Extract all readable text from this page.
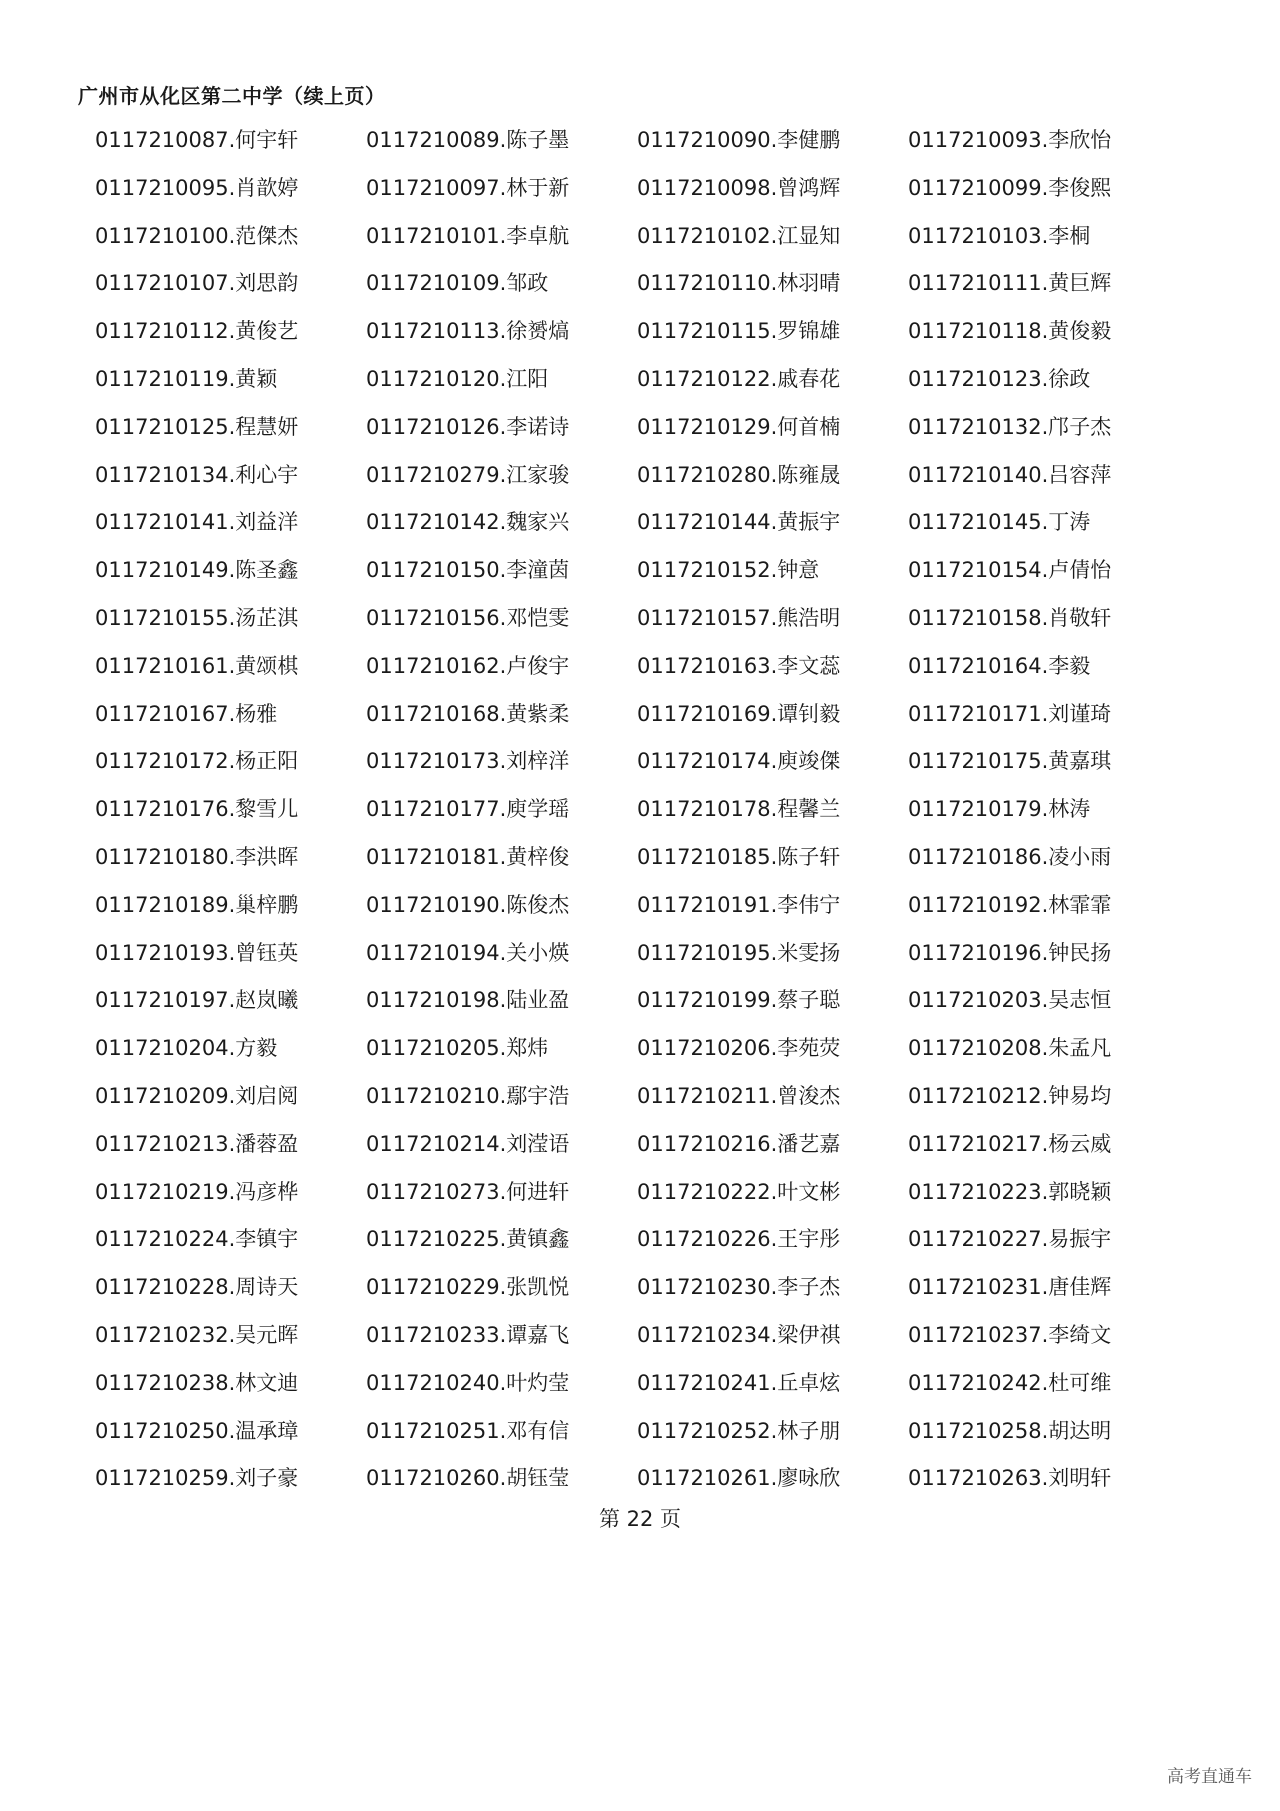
广州市从化区第二中学（续上页）
0117210087.何宇轩	0117210089.陈子墨	0117210090.李健鹏	0117210093.李欣怡
0117210095.肖歆婷	0117210097.林于新	0117210098.曾鸿辉	0117210099.李俊熙
0117210100.范傑杰	0117210101.李卓航	0117210102.江显知	0117210103.李桐
0117210107.刘思韵	0117210109.邹政	0117210110.林羽晴	0117210111.黄巨辉
0117210112.黄俊艺	0117210113.徐赟熇	0117210115.罗锦雄	0117210118.黄俊毅
0117210119.黄颖	0117210120.江阳	0117210122.戚春花	0117210123.徐政
0117210125.程慧妍	0117210126.李诺诗	0117210129.何首楠	0117210132.邝子杰
0117210134.利心宇	0117210279.江家骏	0117210280.陈雍晟	0117210140.吕容萍
0117210141.刘益洋	0117210142.魏家兴	0117210144.黄振宇	0117210145.丁涛
0117210149.陈圣鑫	0117210150.李潼茵	0117210152.钟意	0117210154.卢倩怡
0117210155.汤芷淇	0117210156.邓恺雯	0117210157.熊浩明	0117210158.肖敬轩
0117210161.黄颂棋	0117210162.卢俊宇	0117210163.李文蕊	0117210164.李毅
0117210167.杨雅	0117210168.黄紫柔	0117210169.谭钊毅	0117210171.刘谨琦
0117210172.杨正阳	0117210173.刘梓洋	0117210174.庾竣傑	0117210175.黄嘉琪
0117210176.黎雪儿	0117210177.庾学瑶	0117210178.程馨兰	0117210179.林涛
0117210180.李洪晖	0117210181.黄梓俊	0117210185.陈子轩	0117210186.凌小雨
0117210189.巢梓鹏	0117210190.陈俊杰	0117210191.李伟宁	0117210192.林霏霏
0117210193.曾钰英	0117210194.关小煐	0117210195.米雯扬	0117210196.钟民扬
0117210197.赵岚曦	0117210198.陆业盈	0117210199.蔡子聪	0117210203.吴志恒
0117210204.方毅	0117210205.郑炜	0117210206.李苑荧	0117210208.朱孟凡
0117210209.刘启阅	0117210210.鄢宇浩	0117210211.曾浚杰	0117210212.钟易均
0117210213.潘蓉盈	0117210214.刘滢语	0117210216.潘艺嘉	0117210217.杨云威
0117210219.冯彦桦	0117210273.何进轩	0117210222.叶文彬	0117210223.郭晓颖
0117210224.李镇宇	0117210225.黄镇鑫	0117210226.王宇彤	0117210227.易振宇
0117210228.周诗天	0117210229.张凯悦	0117210230.李子杰	0117210231.唐佳辉
0117210232.吴元晖	0117210233.谭嘉飞	0117210234.梁伊祺	0117210237.李绮文
0117210238.林文迪	0117210240.叶灼莹	0117210241.丘卓炫	0117210242.杜可维
0117210250.温承璋	0117210251.邓有信	0117210252.林子朋	0117210258.胡达明
0117210259.刘子豪	0117210260.胡钰莹	0117210261.廖咏欣	0117210263.刘明轩
第 22 页
高考直通车
